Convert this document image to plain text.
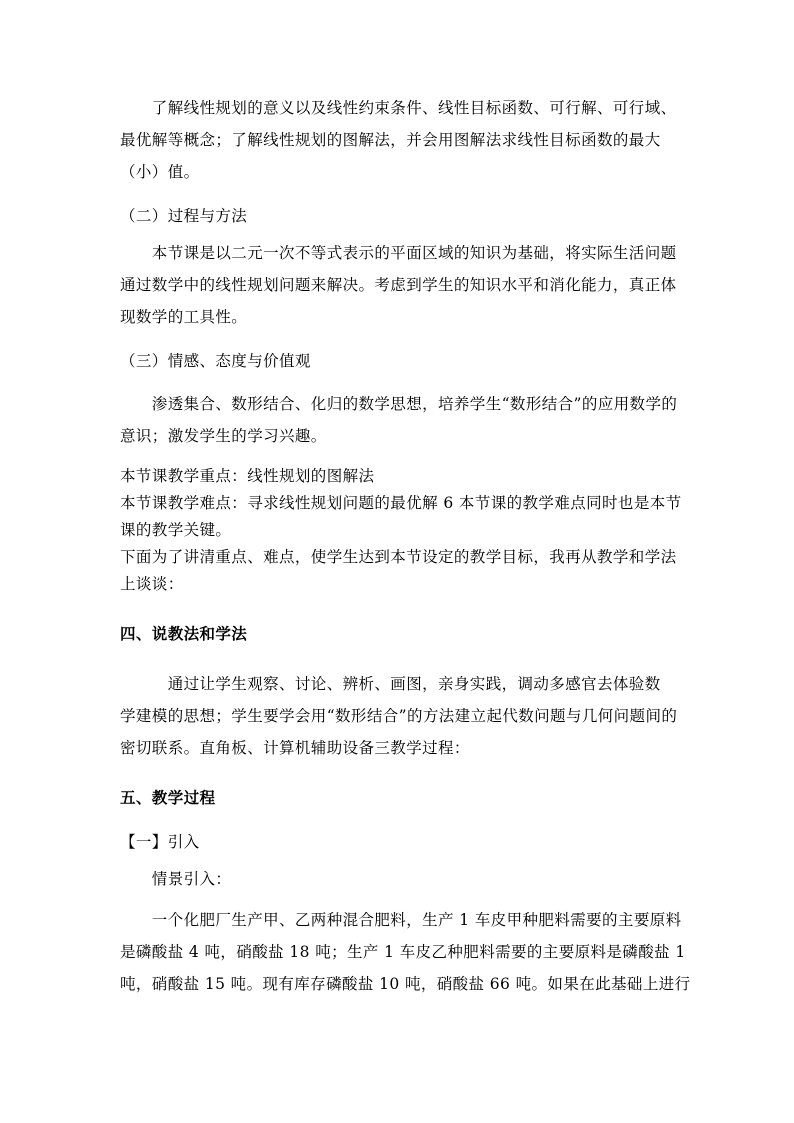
　　了解线性规划的意义以及线性约束条件、线性目标函数、可行解、可行域、
最优解等概念；了解线性规划的图解法，并会用图解法求线性目标函数的最大
（小）值。
（二）过程与方法
　　本节课是以二元一次不等式表示的平面区域的知识为基础，将实际生活问题
通过数学中的线性规划问题来解决。考虑到学生的知识水平和消化能力，真正体
现数学的工具性。
（三）情感、态度与价值观
　　渗透集合、数形结合、化归的数学思想，培养学生“数形结合”的应用数学的
意识；激发学生的学习兴趣。
本节课教学重点：线性规划的图解法
本节课教学难点：寻求线性规划问题的最优解 6 本节课的教学难点同时也是本节
课的教学关键。
下面为了讲清重点、难点，使学生达到本节设定的教学目标，我再从教学和学法
上谈谈：
四、说教法和学法
　　　通过让学生观察、讨论、辨析、画图，亲身实践，调动多感官去体验数
学建模的思想；学生要学会用“数形结合”的方法建立起代数问题与几何问题间的
密切联系。直角板、计算机辅助设备三教学过程：
五、教学过程
【一】引入
　　情景引入：
　　一个化肥厂生产甲、乙两种混合肥料，生产 1 车皮甲种肥料需要的主要原料
是磷酸盐 4 吨，硝酸盐 18 吨；生产 1 车皮乙种肥料需要的主要原料是磷酸盐 1
吨，硝酸盐 15 吨。现有库存磷酸盐 10 吨，硝酸盐 66 吨。如果在此基础上进行
